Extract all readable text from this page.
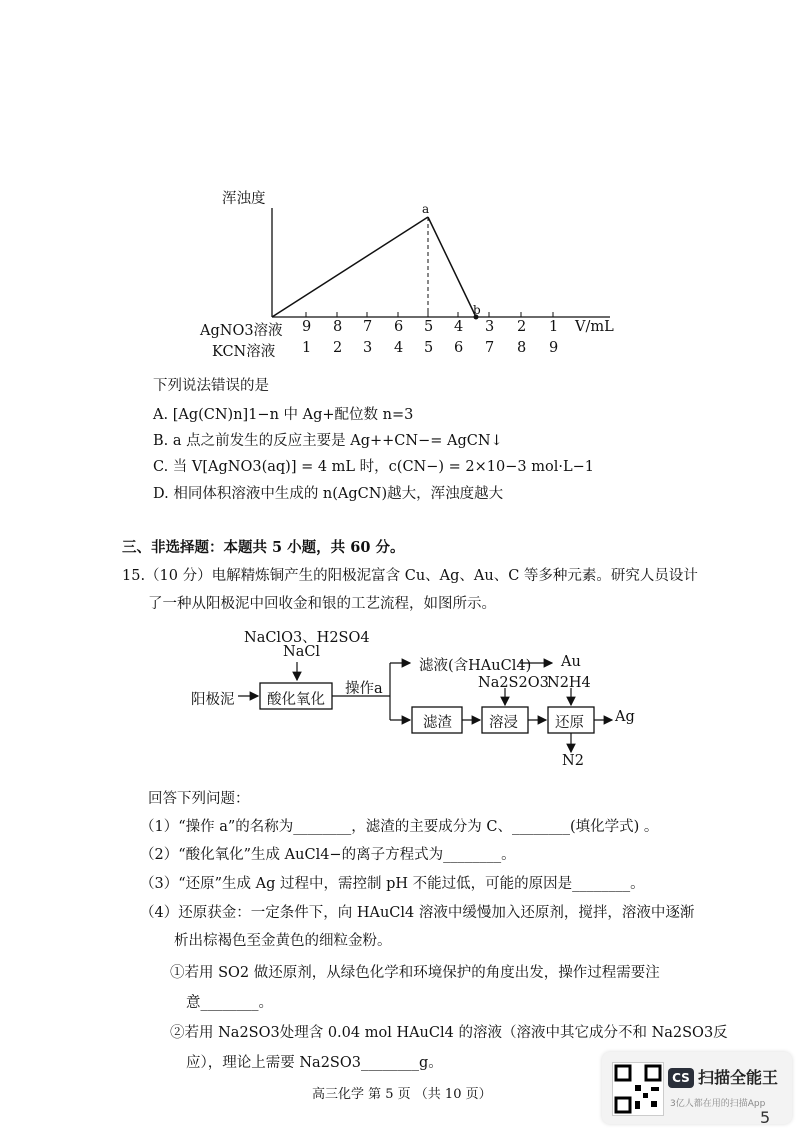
a
b
浑浊度
V/mL
AgNO3溶液
KCN溶液
9 8 7 6 5 4 3 2 1
1 2 3 4 5 6 7 8 9
下列说法错误的是
A. [Ag(CN)n]1−n 中 Ag+配位数 n=3
B. a 点之前发生的反应主要是 Ag++CN−= AgCN↓
C. 当 V[AgNO3(aq)] = 4 mL 时，c(CN−) = 2×10−3 mol·L−1
D. 相同体积溶液中生成的 n(AgCN)越大，浑浊度越大
三、非选择题：本题共 5 小题，共 60 分。
15.（10 分）电解精炼铜产生的阳极泥富含 Cu、Ag、Au、C 等多种元素。研究人员设计
了一种从阳极泥中回收金和银的工艺流程，如图所示。
NaClO3、H2SO4
NaCl
阳极泥 酸化氧化
操作a
滤液(含HAuCl4) Au
Na2S2O3
N2H4
滤渣	溶浸	还原 Ag
N2
回答下列问题：
（1）“操作 a”的名称为________，滤渣的主要成分为 C、________(填化学式) 。
（2）“酸化氧化”生成 AuCl4−的离子方程式为________。
（3）“还原”生成 Ag 过程中，需控制 pH 不能过低，可能的原因是________。
（4）还原获金：一定条件下，向 HAuCl4 溶液中缓慢加入还原剂，搅拌，溶液中逐渐
析出棕褐色至金黄色的细粒金粉。
①若用 SO2 做还原剂，从绿色化学和环境保护的角度出发，操作过程需要注
意________。
②若用 Na2SO3处理含 0.04 mol HAuCl4 的溶液（溶液中其它成分不和 Na2SO3反
应），理论上需要 Na2SO3________g。
高三化学 第 5 页 （共 10 页）
CS 扫描全能王
3亿人都在用的扫描App
5
